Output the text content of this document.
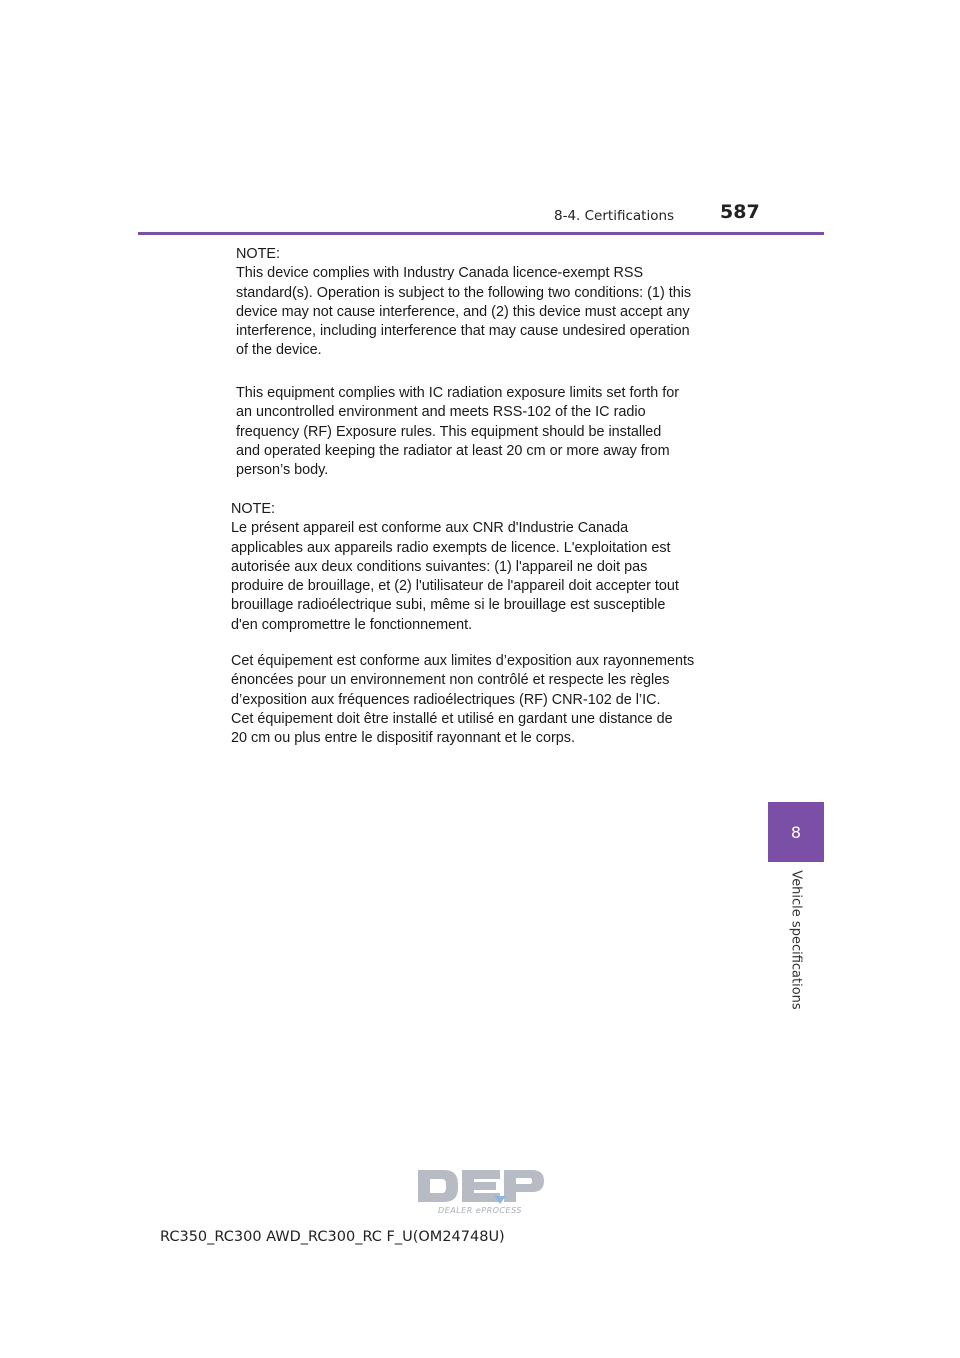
8-4. Certifications 587
8
Vehicle specifications
NOTE:
This device complies with Industry Canada licence-exempt RSS
standard(s). Operation is subject to the following two conditions: (1) this
device may not cause interference, and (2) this device must accept any
interference, including interference that may cause undesired operation
of the device.
This equipment complies with IC radiation exposure limits set forth for
an uncontrolled environment and meets RSS-102 of the IC radio
frequency (RF) Exposure rules. This equipment should be installed
and operated keeping the radiator at least 20 cm or more away from
person’s body.
NOTE:
Le présent appareil est conforme aux CNR d'Industrie Canada
applicables aux appareils radio exempts de licence. L'exploitation est
autorisée aux deux conditions suivantes: (1) l'appareil ne doit pas
produire de brouillage, et (2) l'utilisateur de l'appareil doit accepter tout
brouillage radioélectrique subi, même si le brouillage est susceptible
d'en compromettre le fonctionnement.
Cet équipement est conforme aux limites d’exposition aux rayonnements
énoncées pour un environnement non contrôlé et respecte les règles
d’exposition aux fréquences radioélectriques (RF) CNR-102 de l’IC.
Cet équipement doit être installé et utilisé en gardant une distance de
20 cm ou plus entre le dispositif rayonnant et le corps.
DEALER ePROCESS
RC350_RC300 AWD_RC300_RC F_U(OM24748U)
